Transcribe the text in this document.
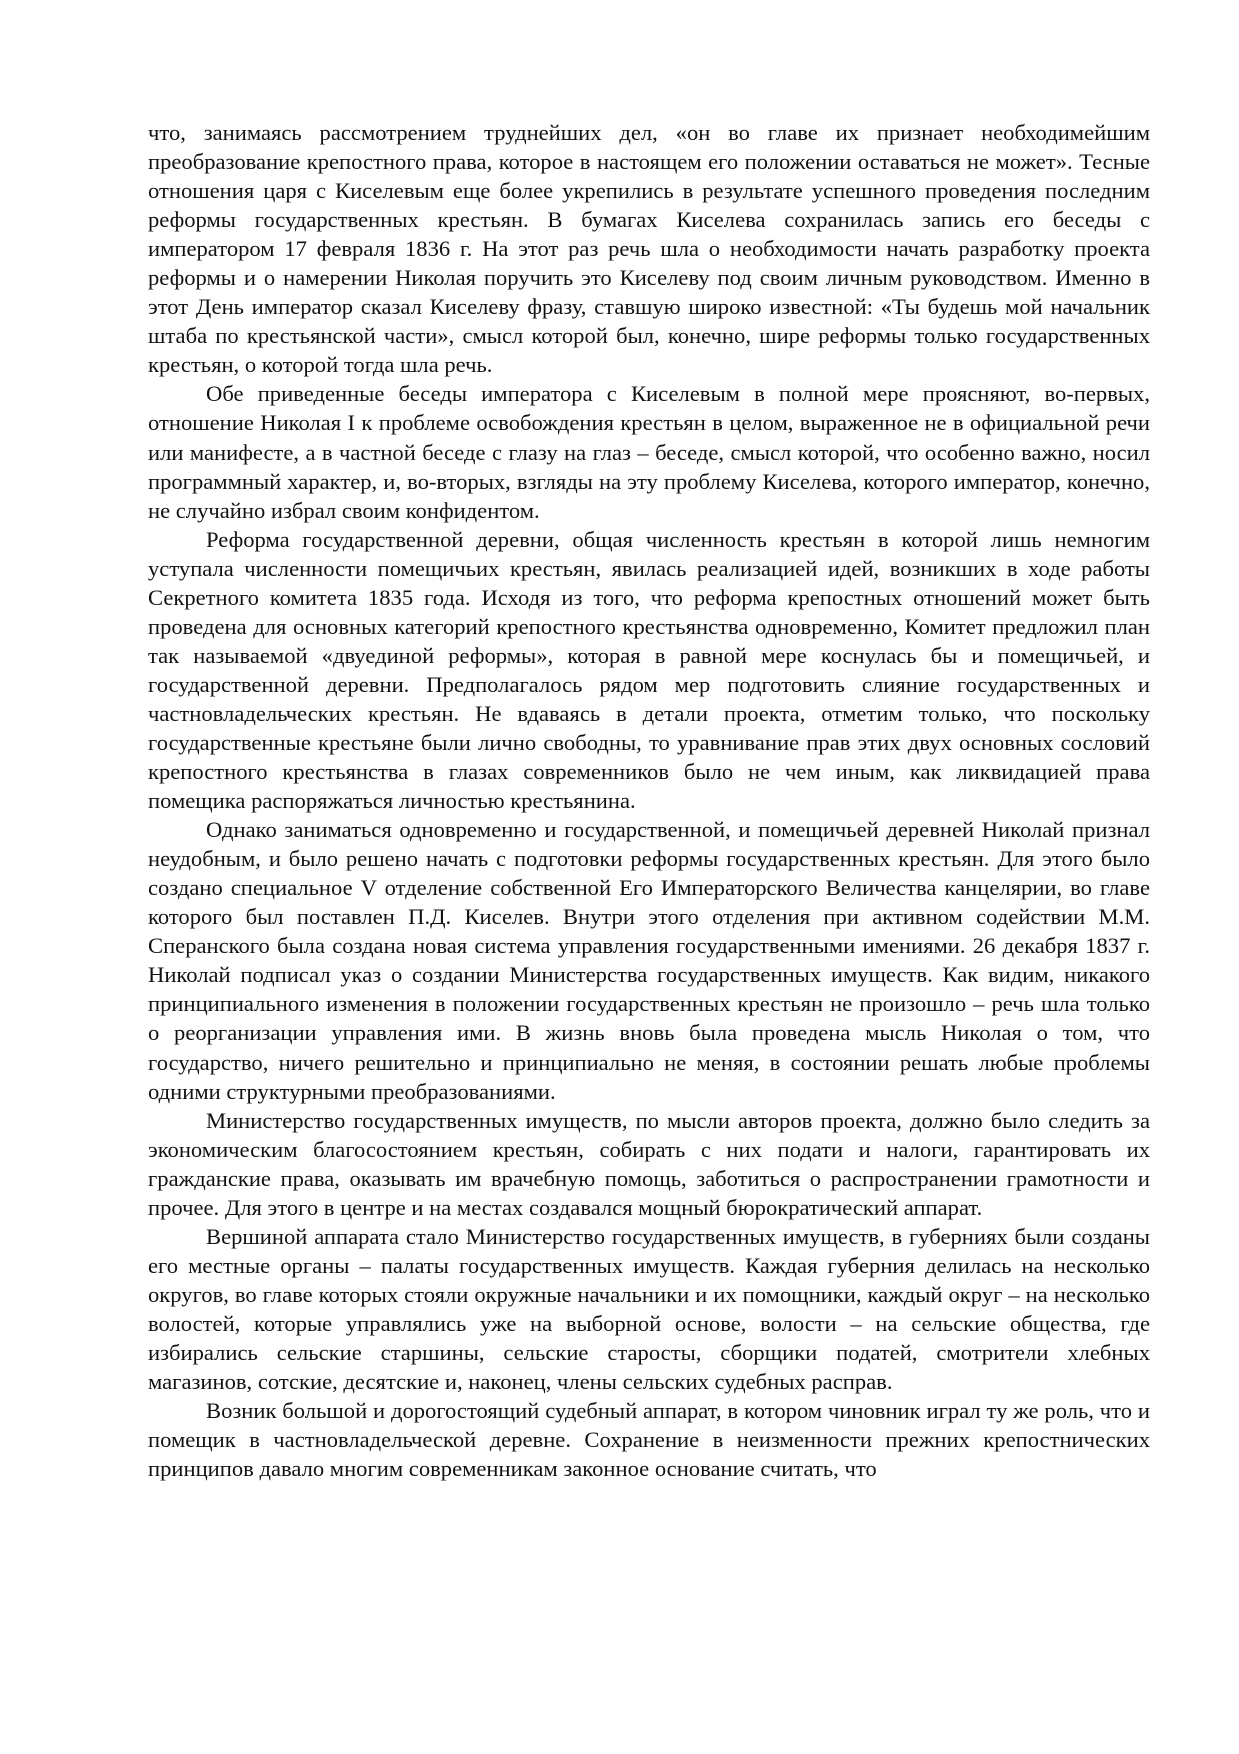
что, занимаясь рассмотрением труднейших дел, «он во главе их признает необходимейшим преобразование крепостного права, которое в настоящем его положении оставаться не может». Тесные отношения царя с Киселевым еще более укрепились в результате успешного проведения последним реформы государственных крестьян. В бумагах Киселева сохранилась запись его беседы с императором 17 февраля 1836 г. На этот раз речь шла о необходимости начать разработку проекта реформы и о намерении Николая поручить это Киселеву под своим личным руководством. Именно в этот День император сказал Киселеву фразу, ставшую широко известной: «Ты будешь мой начальник штаба по крестьянской части», смысл которой был, конечно, шире реформы только государственных крестьян, о которой тогда шла речь.

Обе приведенные беседы императора с Киселевым в полной мере проясняют, во-первых, отношение Николая I к проблеме освобождения крестьян в целом, выраженное не в официальной речи или манифесте, а в частной беседе с глазу на глаз – беседе, смысл которой, что особенно важно, носил программный характер, и, во-вторых, взгляды на эту проблему Киселева, которого император, конечно, не случайно избрал своим конфидентом.

Реформа государственной деревни, общая численность крестьян в которой лишь немногим уступала численности помещичьих крестьян, явилась реализацией идей, возникших в ходе работы Секретного комитета 1835 года. Исходя из того, что реформа крепостных отношений может быть проведена для основных категорий крепостного крестьянства одновременно, Комитет предложил план так называемой «двуединой реформы», которая в равной мере коснулась бы и помещичьей, и государственной деревни. Предполагалось рядом мер подготовить слияние государственных и частновладельческих крестьян. Не вдаваясь в детали проекта, отметим только, что поскольку государственные крестьяне были лично свободны, то уравнивание прав этих двух основных сословий крепостного крестьянства в глазах современников было не чем иным, как ликвидацией права помещика распоряжаться личностью крестьянина.

Однако заниматься одновременно и государственной, и помещичьей деревней Николай признал неудобным, и было решено начать с подготовки реформы государственных крестьян. Для этого было создано специальное V отделение собственной Его Императорского Величества канцелярии, во главе которого был поставлен П.Д. Киселев. Внутри этого отделения при активном содействии М.М. Сперанского была создана новая система управления государственными имениями. 26 декабря 1837 г. Николай подписал указ о создании Министерства государственных имуществ. Как видим, никакого принципиального изменения в положении государственных крестьян не произошло – речь шла только о реорганизации управления ими. В жизнь вновь была проведена мысль Николая о том, что государство, ничего решительно и принципиально не меняя, в состоянии решать любые проблемы одними структурными преобразованиями.

Министерство государственных имуществ, по мысли авторов проекта, должно было следить за экономическим благосостоянием крестьян, собирать с них подати и налоги, гарантировать их гражданские права, оказывать им врачебную помощь, заботиться о распространении грамотности и прочее. Для этого в центре и на местах создавался мощный бюрократический аппарат.

Вершиной аппарата стало Министерство государственных имуществ, в губерниях были созданы его местные органы – палаты государственных имуществ. Каждая губерния делилась на несколько округов, во главе которых стояли окружные начальники и их помощники, каждый округ – на несколько волостей, которые управлялись уже на выборной основе, волости – на сельские общества, где избирались сельские старшины, сельские старосты, сборщики податей, смотрители хлебных магазинов, сотские, десятские и, наконец, члены сельских судебных расправ.

Возник большой и дорогостоящий судебный аппарат, в котором чиновник играл ту же роль, что и помещик в частновладельческой деревне. Сохранение в неизменности прежних крепостнических принципов давало многим современникам законное основание считать, что
